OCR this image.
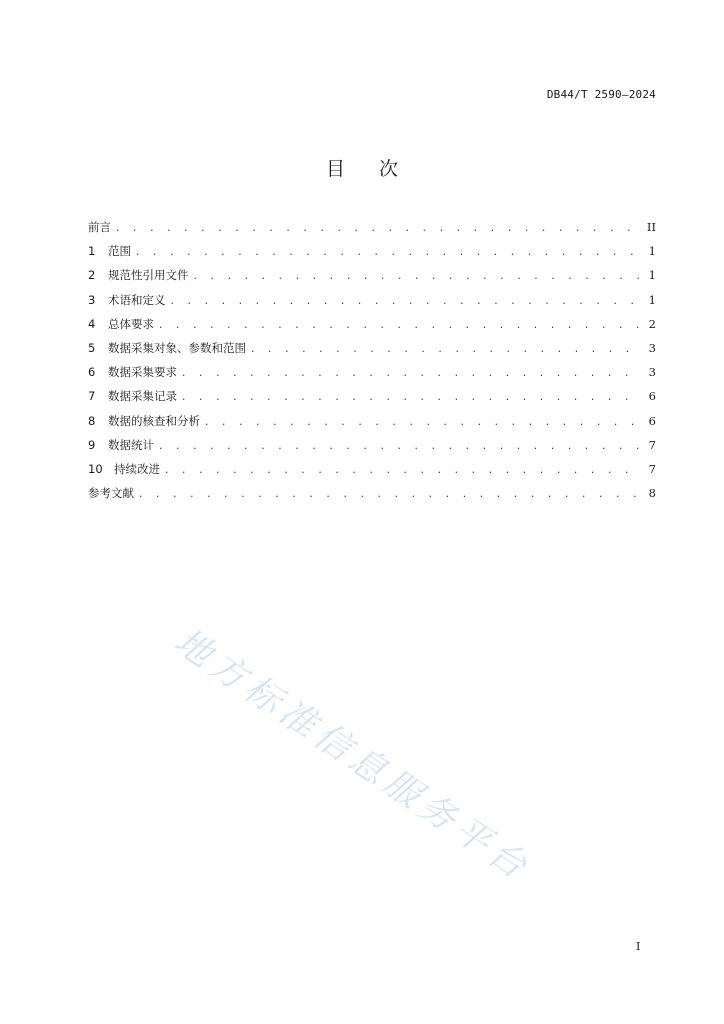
DB44/T 2590—2024
目次
前言 . . .	II
1	范围 . . .	1
2	规范性引用文件 . . .	1
3	术语和定义 . . .	1
4	总体要求 . . .	2
5	数据采集对象、参数和范围 . . .	3
6	数据采集要求 . . .	3
7	数据采集记录 . . .	6
8	数据的核查和分析 . . .	6
9	数据统计 . . .	7
10 持续改进 . . .	7
参考文献 . . .	8
地方标准信息服务平台
I
